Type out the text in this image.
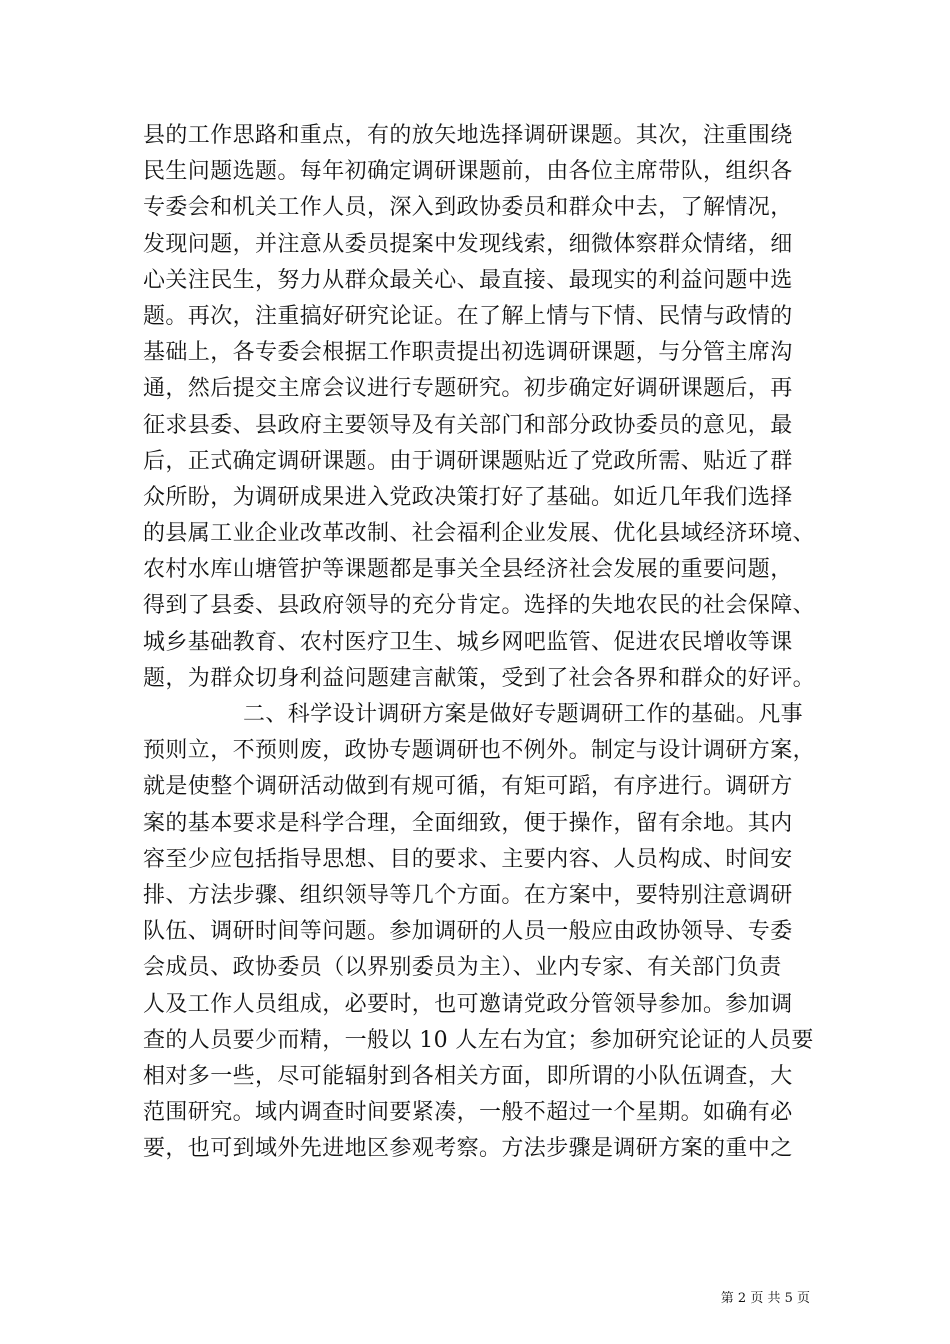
县的工作思路和重点，有的放矢地选择调研课题。其次，注重围绕
民生问题选题。每年初确定调研课题前，由各位主席带队，组织各
专委会和机关工作人员，深入到政协委员和群众中去，了解情况，
发现问题，并注意从委员提案中发现线索，细微体察群众情绪，细
心关注民生，努力从群众最关心、最直接、最现实的利益问题中选
题。再次，注重搞好研究论证。在了解上情与下情、民情与政情的
基础上，各专委会根据工作职责提出初选调研课题，与分管主席沟
通，然后提交主席会议进行专题研究。初步确定好调研课题后，再
征求县委、县政府主要领导及有关部门和部分政协委员的意见，最
后，正式确定调研课题。由于调研课题贴近了党政所需、贴近了群
众所盼，为调研成果进入党政决策打好了基础。如近几年我们选择
的县属工业企业改革改制、社会福利企业发展、优化县域经济环境、
农村水库山塘管护等课题都是事关全县经济社会发展的重要问题，
得到了县委、县政府领导的充分肯定。选择的失地农民的社会保障、
城乡基础教育、农村医疗卫生、城乡网吧监管、促进农民增收等课
题，为群众切身利益问题建言献策，受到了社会各界和群众的好评。
二、科学设计调研方案是做好专题调研工作的基础。凡事
预则立，不预则废，政协专题调研也不例外。制定与设计调研方案，
就是使整个调研活动做到有规可循，有矩可蹈，有序进行。调研方
案的基本要求是科学合理，全面细致，便于操作，留有余地。其内
容至少应包括指导思想、目的要求、主要内容、人员构成、时间安
排、方法步骤、组织领导等几个方面。在方案中，要特别注意调研
队伍、调研时间等问题。参加调研的人员一般应由政协领导、专委
会成员、政协委员（以界别委员为主）、业内专家、有关部门负责
人及工作人员组成，必要时，也可邀请党政分管领导参加。参加调
查的人员要少而精，一般以 10 人左右为宜；参加研究论证的人员要
相对多一些，尽可能辐射到各相关方面，即所谓的小队伍调查，大
范围研究。域内调查时间要紧凑，一般不超过一个星期。如确有必
要，也可到域外先进地区参观考察。方法步骤是调研方案的重中之
第 2 页 共 5 页
